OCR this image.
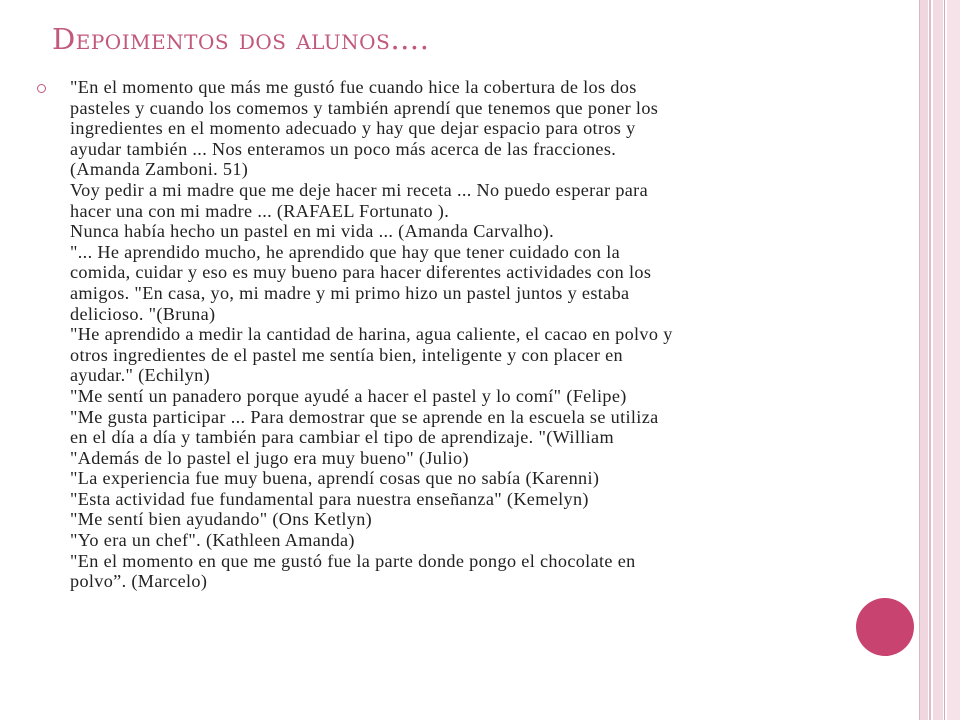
Depoimentos dos alunos….
"En el momento que más me gustó fue cuando hice la cobertura de los dos
pasteles y cuando los comemos y también aprendí que tenemos que poner los
ingredientes en el momento adecuado y hay que dejar espacio para otros y
ayudar también ... Nos enteramos un poco más acerca de las fracciones.
(Amanda Zamboni. 51)
Voy pedir a mi madre que me deje hacer mi receta ... No puedo esperar para
hacer una con mi madre ... (RAFAEL Fortunato ).
Nunca había hecho un pastel en mi vida ... (Amanda Carvalho).
"... He aprendido mucho, he aprendido que hay que tener cuidado con la
comida, cuidar y eso es muy bueno para hacer diferentes actividades con los
amigos. "En casa, yo, mi madre y mi primo hizo un pastel juntos y estaba
delicioso. "(Bruna)
"He aprendido a medir la cantidad de harina, agua caliente, el cacao en polvo y
otros ingredientes de el pastel me sentía bien, inteligente y con placer en
ayudar." (Echilyn)
"Me sentí un panadero porque ayudé a hacer el pastel y lo comí" (Felipe)
"Me gusta participar ... Para demostrar que se aprende en la escuela se utiliza
en el día a día y también para cambiar el tipo de aprendizaje. "(William
"Además de lo pastel el jugo era muy bueno" (Julio)
"La experiencia fue muy buena, aprendí cosas que no sabía (Karenni)
"Esta actividad fue fundamental para nuestra enseñanza" (Kemelyn)
"Me sentí bien ayudando" (Ons Ketlyn)
"Yo era un chef". (Kathleen Amanda)
"En el momento en que me gustó fue la parte donde pongo el chocolate en
polvo”. (Marcelo)
